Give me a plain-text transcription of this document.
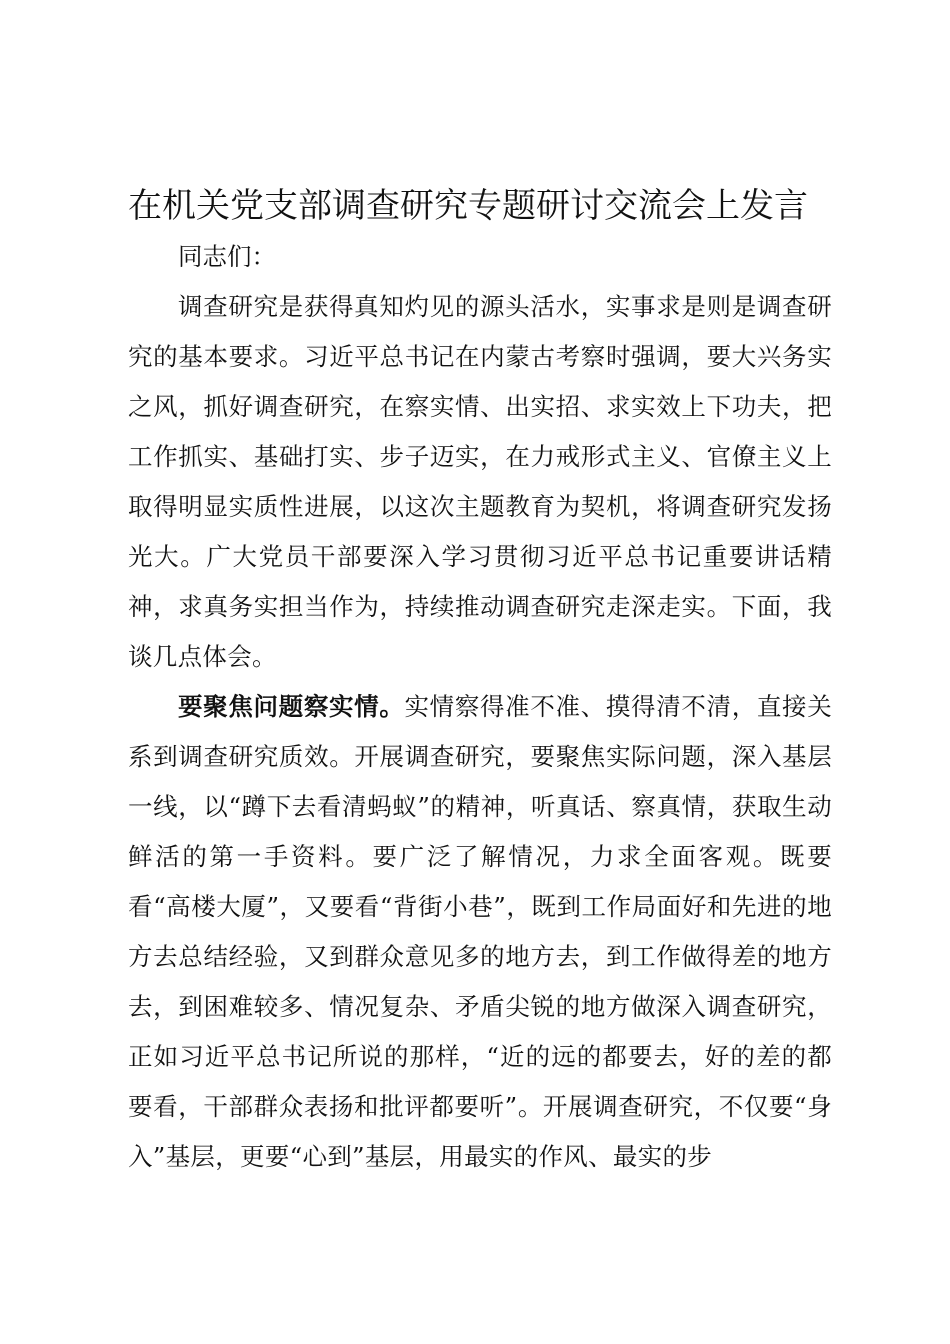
在机关党支部调查研究专题研讨交流会上发言

同志们：

调查研究是获得真知灼见的源头活水，实事求是则是调查研究的基本要求。习近平总书记在内蒙古考察时强调，要大兴务实之风，抓好调查研究，在察实情、出实招、求实效上下功夫，把工作抓实、基础打实、步子迈实，在力戒形式主义、官僚主义上取得明显实质性进展，以这次主题教育为契机，将调查研究发扬光大。广大党员干部要深入学习贯彻习近平总书记重要讲话精神，求真务实担当作为，持续推动调查研究走深走实。下面，我谈几点体会。

要聚焦问题察实情。实情察得准不准、摸得清不清，直接关系到调查研究质效。开展调查研究，要聚焦实际问题，深入基层一线，以“蹲下去看清蚂蚁”的精神，听真话、察真情，获取生动鲜活的第一手资料。要广泛了解情况，力求全面客观。既要看“高楼大厦”，又要看“背街小巷”，既到工作局面好和先进的地方去总结经验，又到群众意见多的地方去，到工作做得差的地方去，到困难较多、情况复杂、矛盾尖锐的地方做深入调查研究，正如习近平总书记所说的那样，“近的远的都要去，好的差的都要看，干部群众表扬和批评都要听”。开展调查研究，不仅要“身入”基层，更要“心到”基层，用最实的作风、最实的步
